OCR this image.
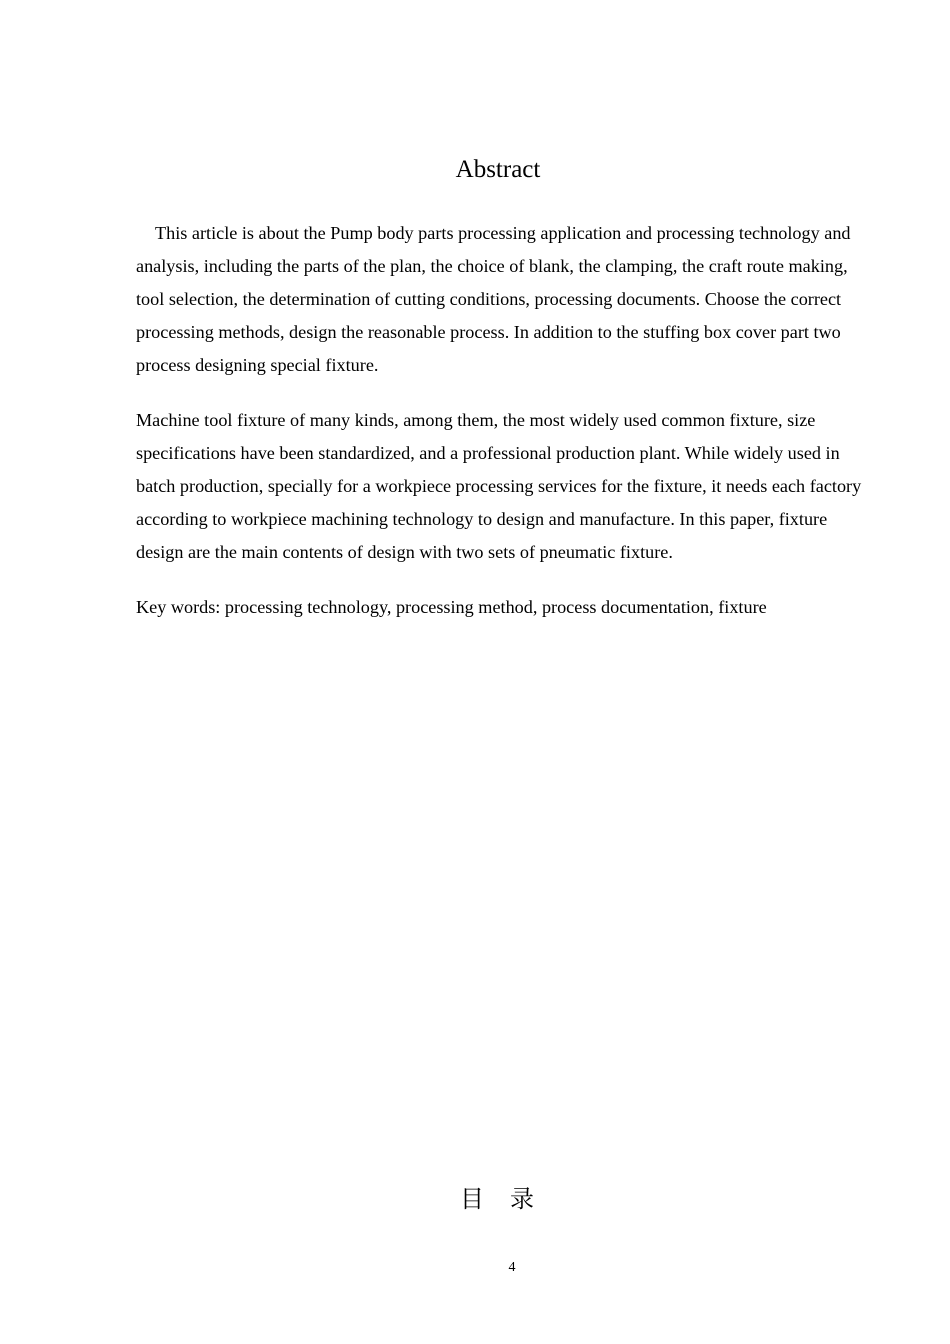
Abstract

This article is about the Pump body parts processing application and processing technology and analysis, including the parts of the plan, the choice of blank, the clamping, the craft route making, tool selection, the determination of cutting conditions, processing documents. Choose the correct processing methods, design the reasonable process. In addition to the stuffing box cover part two process designing special fixture.

Machine tool fixture of many kinds, among them, the most widely used common fixture, size specifications have been standardized, and a professional production plant. While widely used in batch production, specially for a workpiece processing services for the fixture, it needs each factory according to workpiece machining technology to design and manufacture. In this paper, fixture design are the main contents of design with two sets of pneumatic fixture.

Key words: processing technology, processing method, process documentation, fixture

目 录
4
